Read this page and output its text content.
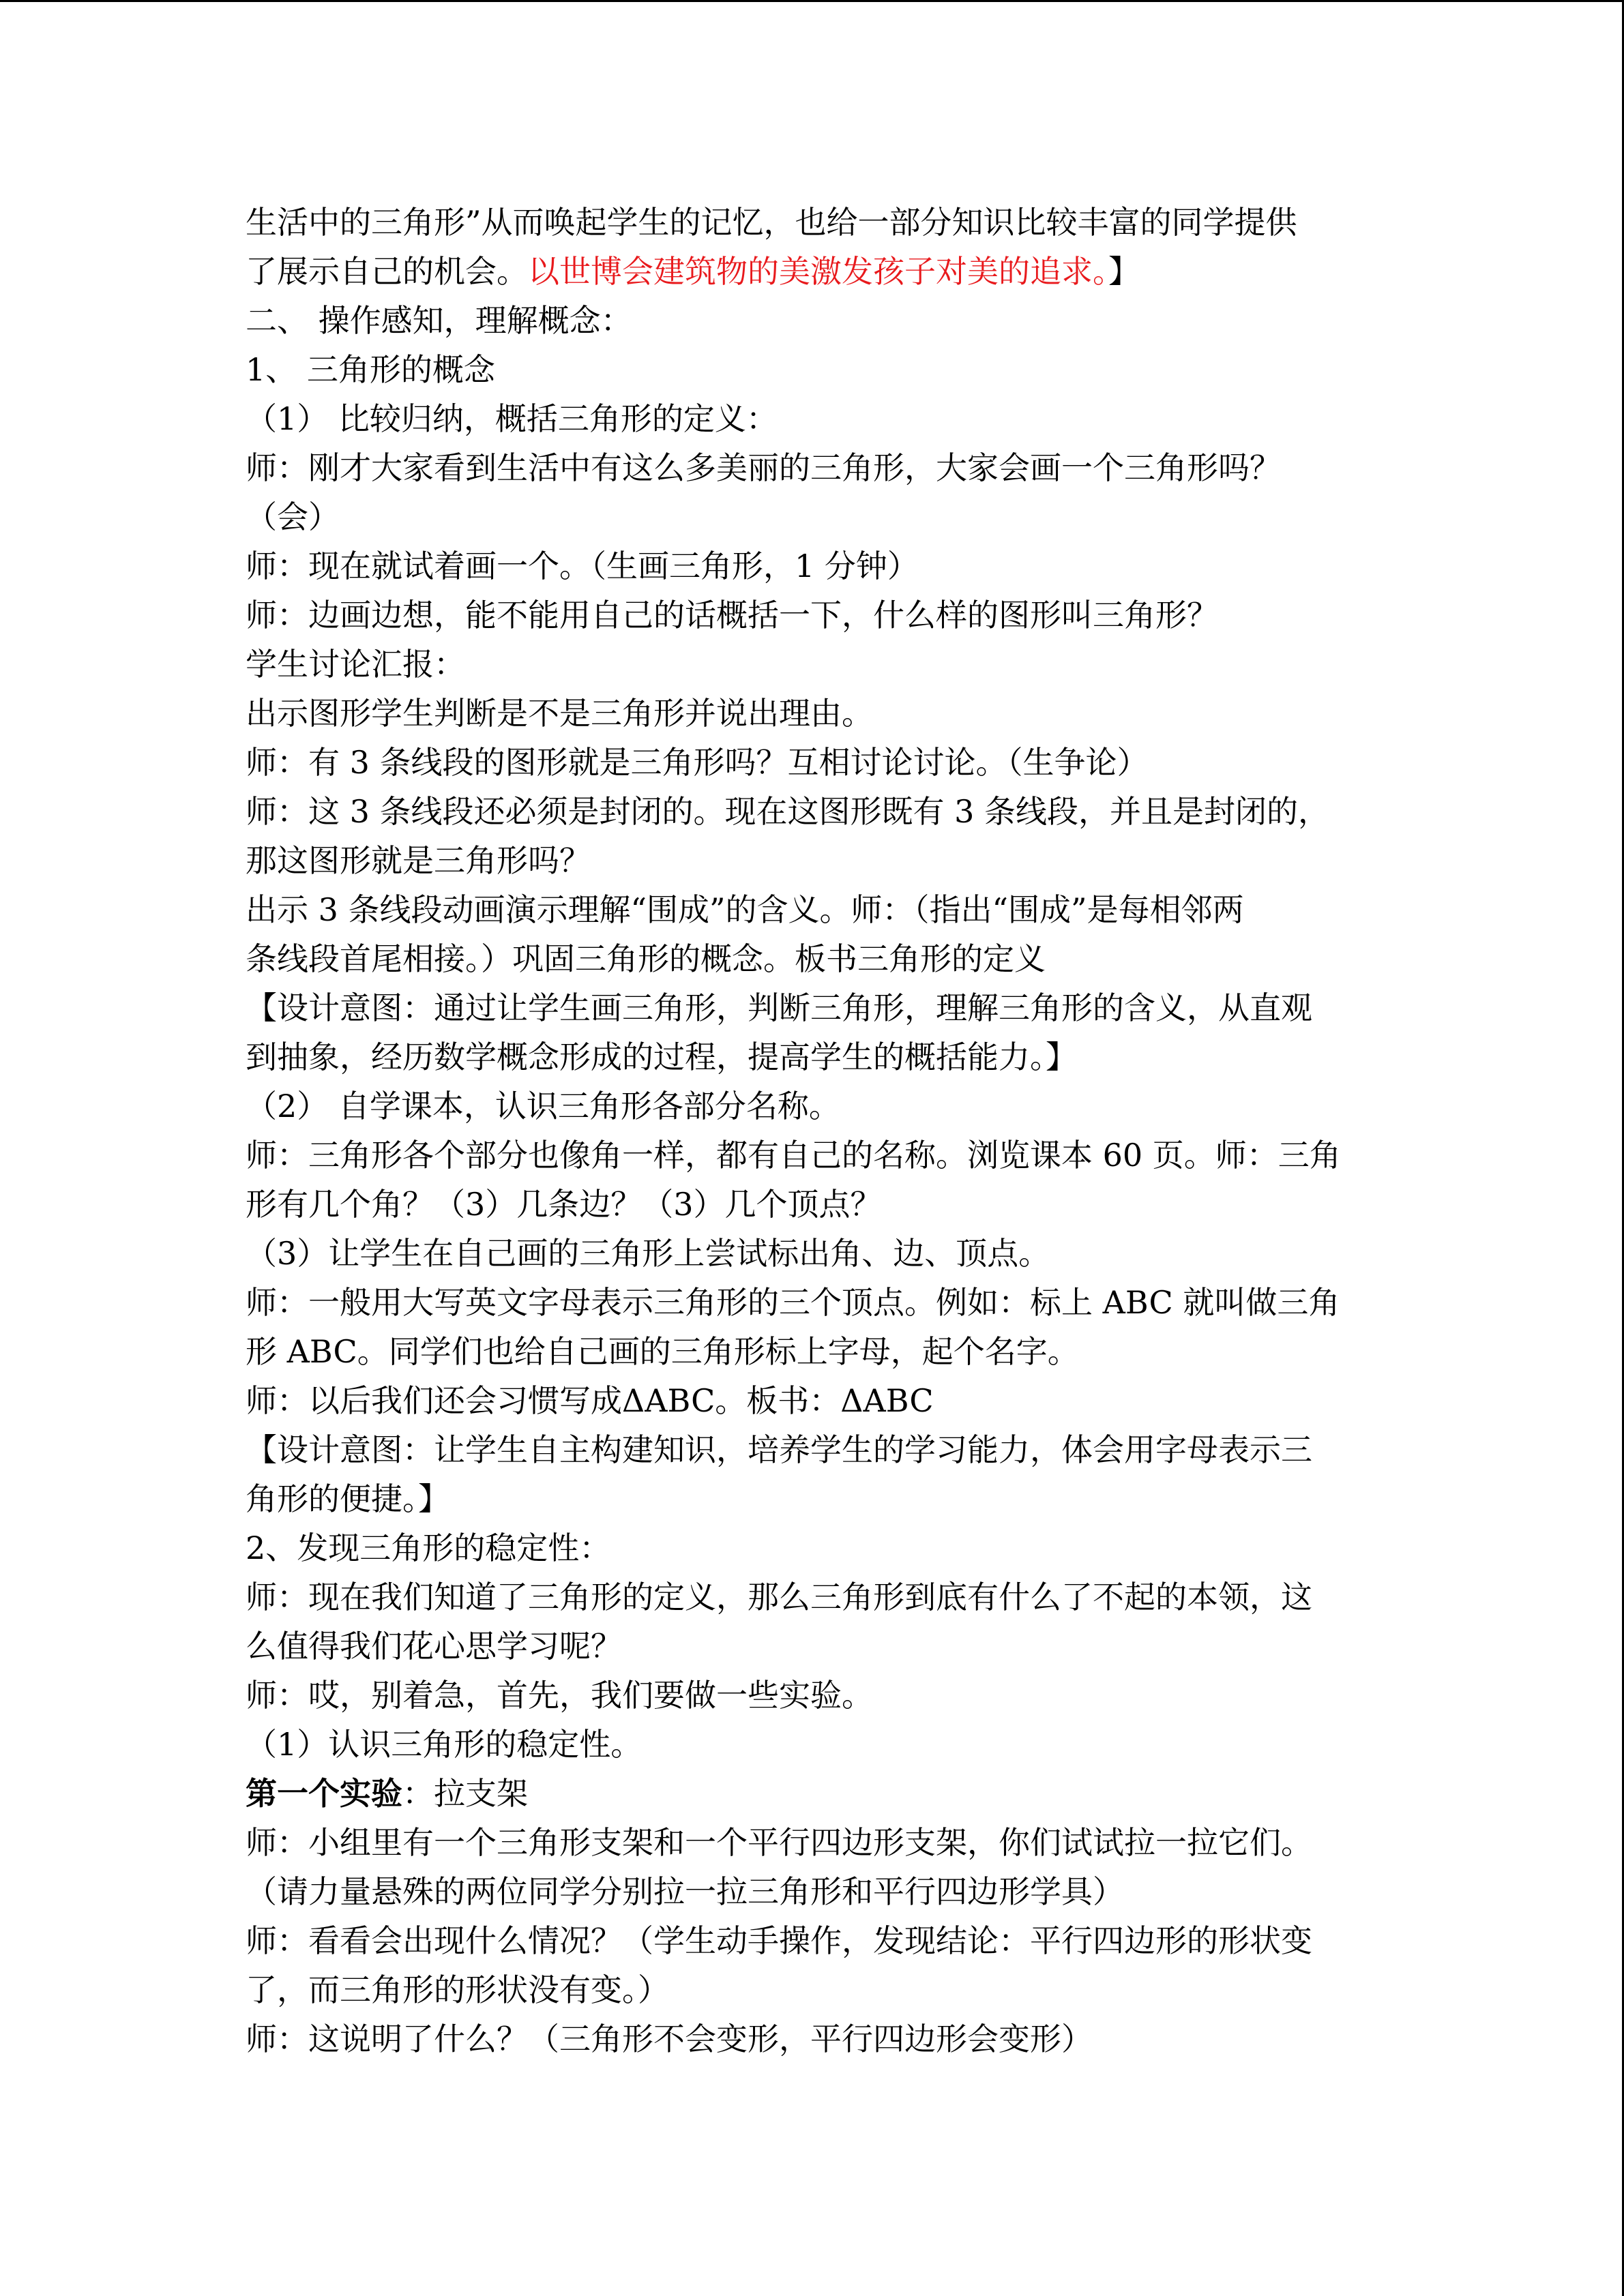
生活中的三角形”从而唤起学生的记忆，也给一部分知识比较丰富的同学提供
了展示自己的机会。以世博会建筑物的美激发孩子对美的追求。】
二、 操作感知，理解概念：
1、 三角形的概念
（1） 比较归纳，概括三角形的定义：
师：刚才大家看到生活中有这么多美丽的三角形，大家会画一个三角形吗？
（会）
师：现在就试着画一个。（生画三角形，1 分钟）
师：边画边想，能不能用自己的话概括一下，什么样的图形叫三角形？
学生讨论汇报：
出示图形学生判断是不是三角形并说出理由。
师：有 3 条线段的图形就是三角形吗？互相讨论讨论。（生争论）
师：这 3 条线段还必须是封闭的。现在这图形既有 3 条线段，并且是封闭的，
那这图形就是三角形吗？
出示 3 条线段动画演示理解“围成”的含义。师：（指出“围成”是每相邻两
条线段首尾相接。）巩固三角形的概念。板书三角形的定义
【设计意图：通过让学生画三角形，判断三角形，理解三角形的含义，从直观
到抽象，经历数学概念形成的过程，提高学生的概括能力。】
（2） 自学课本，认识三角形各部分名称。
师：三角形各个部分也像角一样，都有自己的名称。浏览课本 60 页。师：三角
形有几个角？（3）几条边？（3）几个顶点？
（3）让学生在自己画的三角形上尝试标出角、边、顶点。
师：一般用大写英文字母表示三角形的三个顶点。例如：标上 ABC 就叫做三角
形 ABC。同学们也给自己画的三角形标上字母，起个名字。
师：以后我们还会习惯写成ΔABC。板书：ΔABC
【设计意图：让学生自主构建知识，培养学生的学习能力，体会用字母表示三
角形的便捷。】
2、发现三角形的稳定性：
师：现在我们知道了三角形的定义，那么三角形到底有什么了不起的本领，这
么值得我们花心思学习呢？
师：哎，别着急，首先，我们要做一些实验。
（1）认识三角形的稳定性。
第一个实验：拉支架
师：小组里有一个三角形支架和一个平行四边形支架，你们试试拉一拉它们。
（请力量悬殊的两位同学分别拉一拉三角形和平行四边形学具）
师：看看会出现什么情况？（学生动手操作，发现结论：平行四边形的形状变
了，而三角形的形状没有变。）
师：这说明了什么？（三角形不会变形，平行四边形会变形）
